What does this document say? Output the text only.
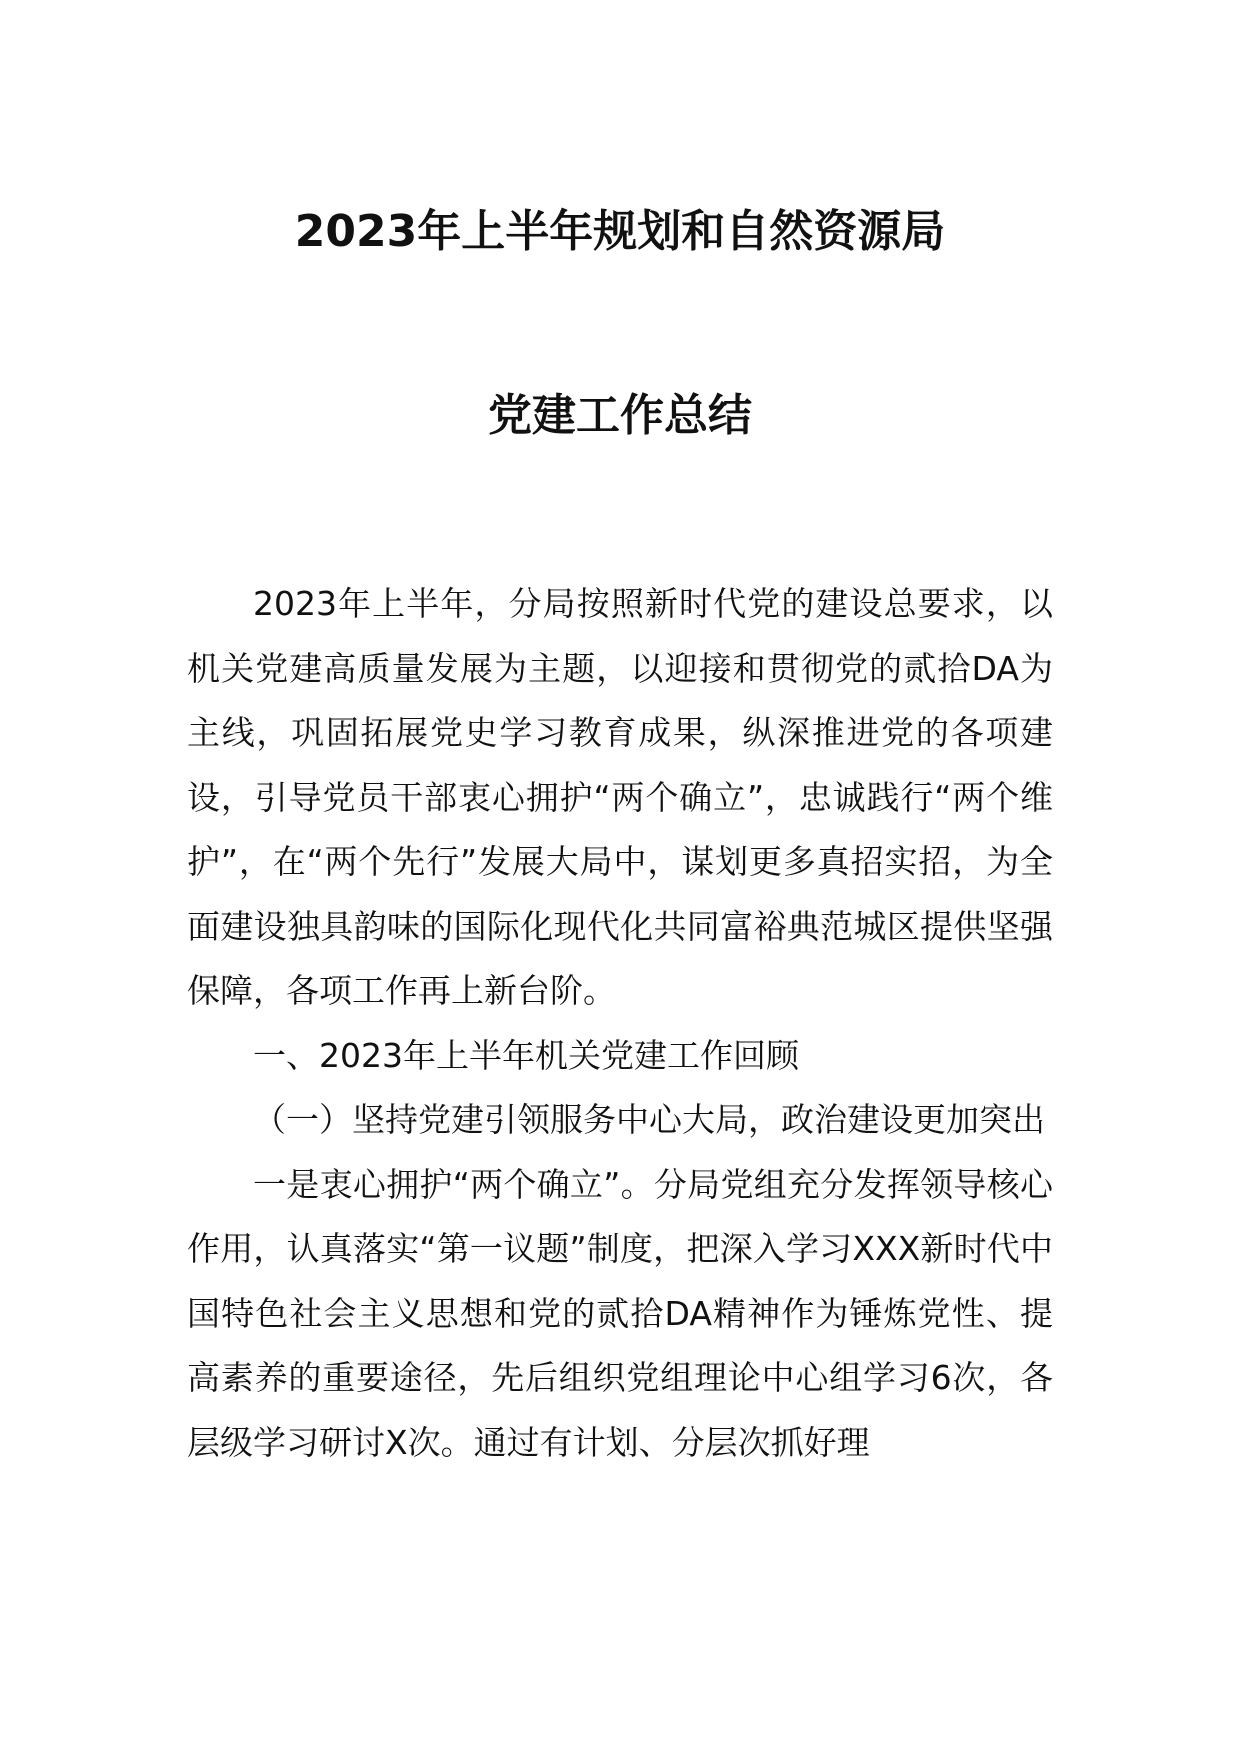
2023年上半年规划和自然资源局
党建工作总结

2023年上半年，分局按照新时代党的建设总要求，以机关党建高质量发展为主题，以迎接和贯彻党的贰拾DA为主线，巩固拓展党史学习教育成果，纵深推进党的各项建设，引导党员干部衷心拥护“两个确立”，忠诚践行“两个维护”，在“两个先行”发展大局中，谋划更多真招实招，为全面建设独具韵味的国际化现代化共同富裕典范城区提供坚强保障，各项工作再上新台阶。

一、2023年上半年机关党建工作回顾

（一）坚持党建引领服务中心大局，政治建设更加突出

一是衷心拥护“两个确立”。分局党组充分发挥领导核心作用，认真落实“第一议题”制度，把深入学习XXX新时代中国特色社会主义思想和党的贰拾DA精神作为锤炼党性、提高素养的重要途径，先后组织党组理论中心组学习6次，各层级学习研讨X次。通过有计划、分层次抓好理
